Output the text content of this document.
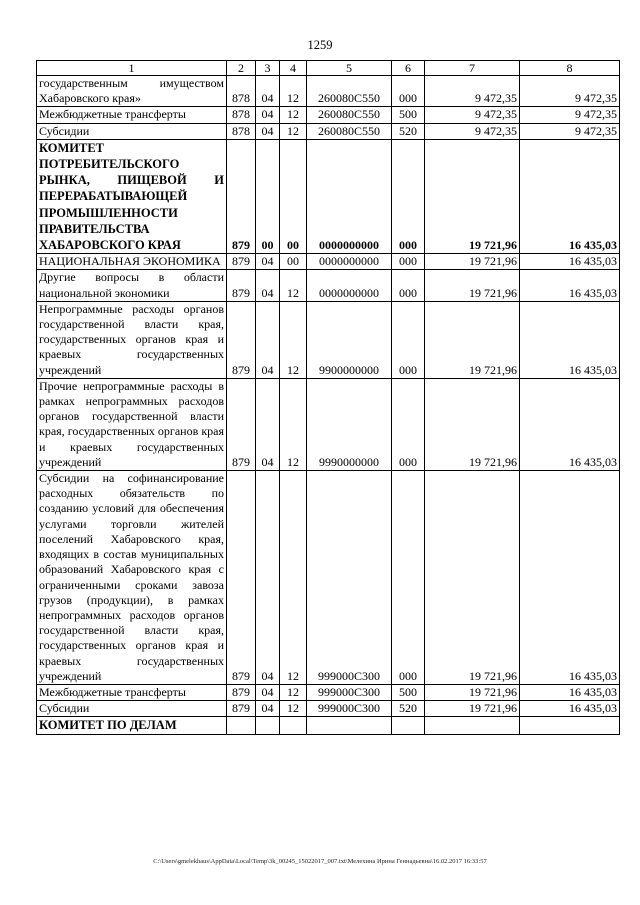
1259
1	2	3	4	5	6	7	8
государственным имуществом Хабаровского края»	878	04	12	260080С550	000	9 472,35	9 472,35
Межбюджетные трансферты	878	04	12	260080С550	500	9 472,35	9 472,35
Субсидии	878	04	12	260080С550	520	9 472,35	9 472,35
КОМИТЕТ ПОТРЕБИТЕЛЬСКОГО РЫНКА, ПИЩЕВОЙ И ПЕРЕРАБАТЫВАЮЩЕЙ ПРОМЫШЛЕННОСТИ ПРАВИТЕЛЬСТВА ХАБАРОВСКОГО КРАЯ	879	00	00	0000000000	000	19 721,96	16 435,03
НАЦИОНАЛЬНАЯ ЭКОНОМИКА	879	04	00	0000000000	000	19 721,96	16 435,03
Другие вопросы в области национальной экономики	879	04	12	0000000000	000	19 721,96	16 435,03
Непрограммные расходы органов государственной власти края, государственных органов края и краевых государственных учреждений	879	04	12	9900000000	000	19 721,96	16 435,03
Прочие непрограммные расходы в рамках непрограммных расходов органов государственной власти края, государственных органов края и краевых государственных учреждений	879	04	12	9990000000	000	19 721,96	16 435,03
Субсидии на софинансирование расходных обязательств по созданию условий для обеспечения услугами торговли жителей поселений Хабаровского края, входящих в состав муниципальных образований Хабаровского края с ограниченными сроками завоза грузов (продукции), в рамках непрограммных расходов органов государственной власти края, государственных органов края и краевых государственных учреждений	879	04	12	999000С300	000	19 721,96	16 435,03
Межбюджетные трансферты	879	04	12	999000С300	500	19 721,96	16 435,03
Субсидии	879	04	12	999000С300	520	19 721,96	16 435,03
КОМИТЕТ ПО ДЕЛАМ							
C:\Users\gmelekhaus\AppData\Local\Temp\3k_00245_15022017_007.txt\Мелехина Ирина Геннадьевна\16.02.2017 16:33:57
